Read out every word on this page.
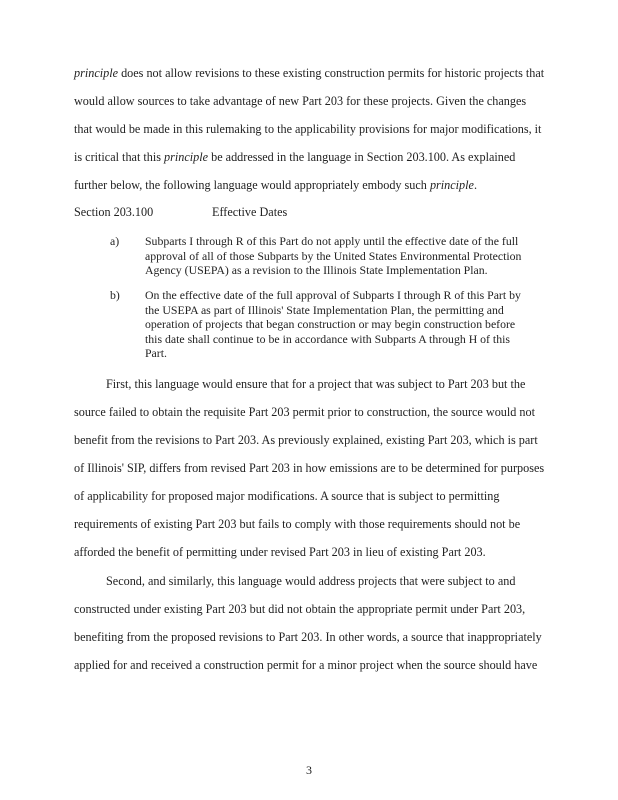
principle does not allow revisions to these existing construction permits for historic projects that
would allow sources to take advantage of new Part 203 for these projects. Given the changes
that would be made in this rulemaking to the applicability provisions for major modifications, it
is critical that this principle be addressed in the language in Section 203.100. As explained
further below, the following language would appropriately embody such principle.
Section 203.100	Effective Dates
a) Subparts I through R of this Part do not apply until the effective date of the full
approval of all of those Subparts by the United States Environmental Protection
Agency (USEPA) as a revision to the Illinois State Implementation Plan.
b) On the effective date of the full approval of Subparts I through R of this Part by
the USEPA as part of Illinois' State Implementation Plan, the permitting and
operation of projects that began construction or may begin construction before
this date shall continue to be in accordance with Subparts A through H of this
Part.
First, this language would ensure that for a project that was subject to Part 203 but the
source failed to obtain the requisite Part 203 permit prior to construction, the source would not
benefit from the revisions to Part 203. As previously explained, existing Part 203, which is part
of Illinois' SIP, differs from revised Part 203 in how emissions are to be determined for purposes
of applicability for proposed major modifications. A source that is subject to permitting
requirements of existing Part 203 but fails to comply with those requirements should not be
afforded the benefit of permitting under revised Part 203 in lieu of existing Part 203.
Second, and similarly, this language would address projects that were subject to and
constructed under existing Part 203 but did not obtain the appropriate permit under Part 203,
benefiting from the proposed revisions to Part 203. In other words, a source that inappropriately
applied for and received a construction permit for a minor project when the source should have
3
